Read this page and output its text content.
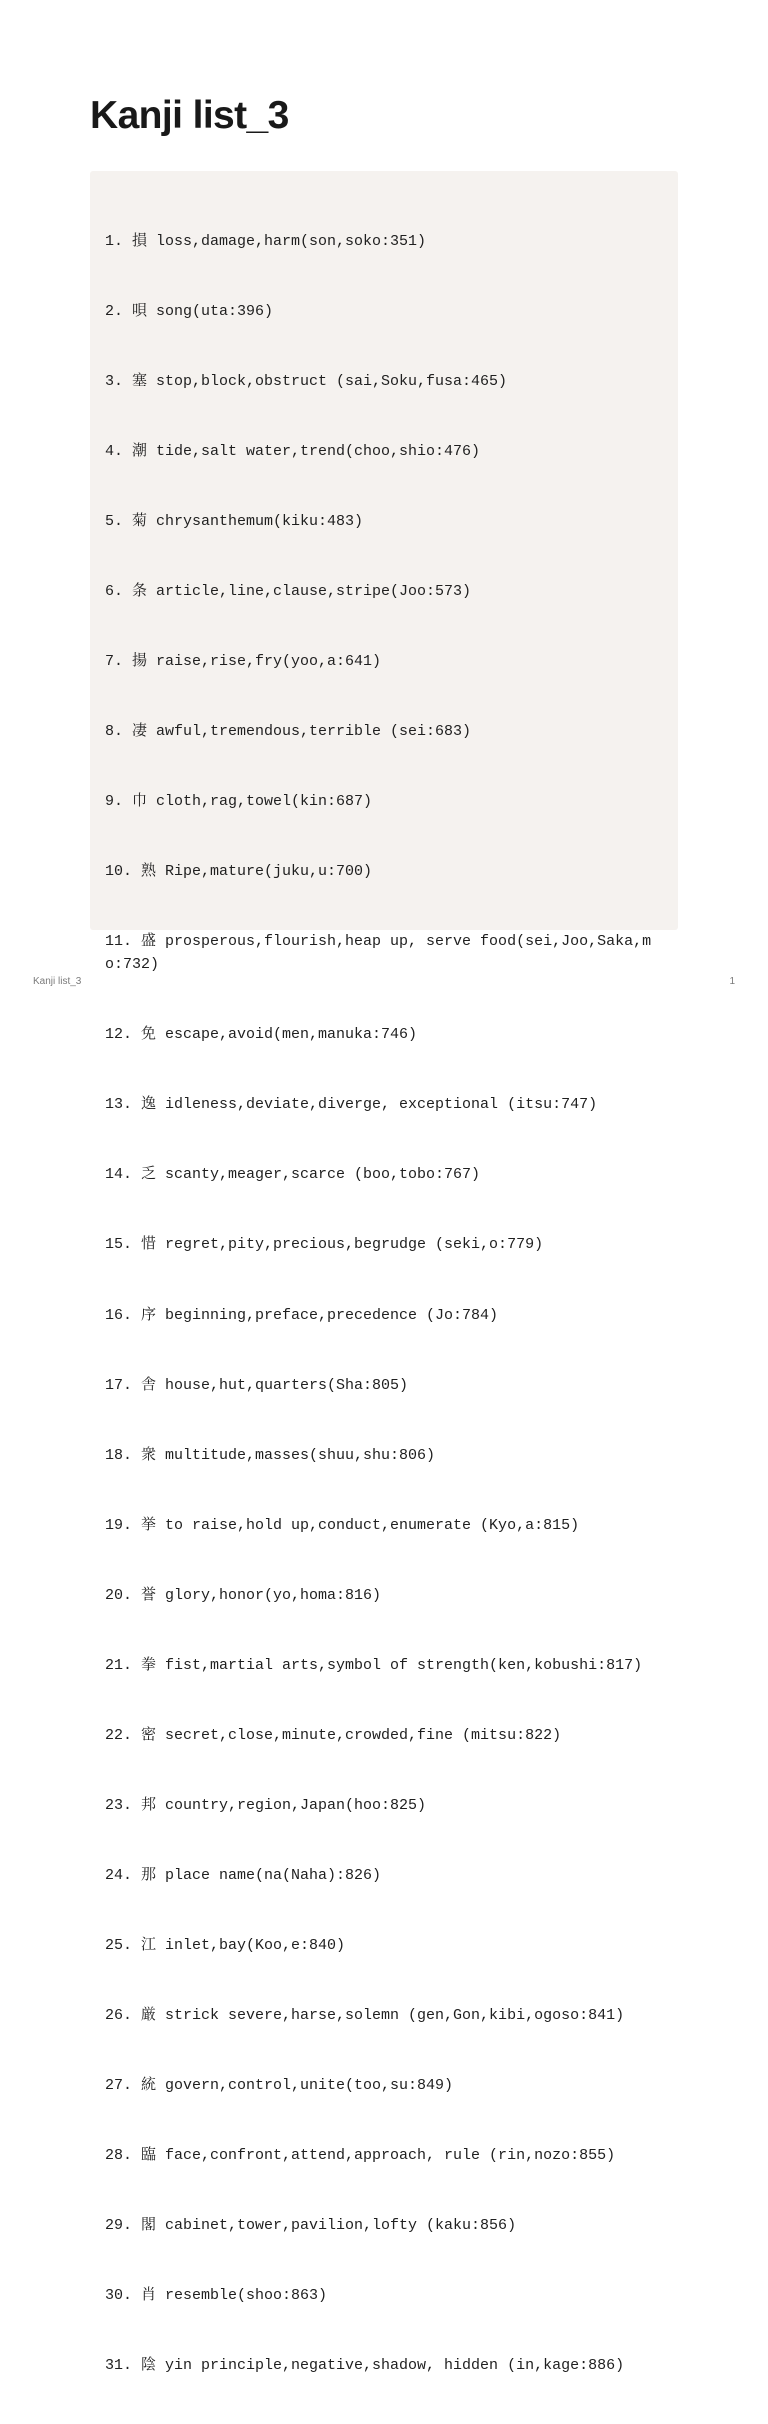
Kanji list_3

1. 損 loss,damage,harm(son,soko:351)

2. 唄 song(uta:396)

3. 塞 stop,block,obstruct (sai,Soku,fusa:465)

4. 潮 tide,salt water,trend(choo,shio:476)

5. 菊 chrysanthemum(kiku:483)

6. 条 article,line,clause,stripe(Joo:573)

7. 揚 raise,rise,fry(yoo,a:641)

8. 凄 awful,tremendous,terrible (sei:683)

9. 巾 cloth,rag,towel(kin:687)

10. 熟 Ripe,mature(juku,u:700)

11. 盛 prosperous,flourish,heap up, serve food(sei,Joo,Saka,mo:732)

12. 免 escape,avoid(men,manuka:746)

13. 逸 idleness,deviate,diverge, exceptional (itsu:747)

14. 乏 scanty,meager,scarce (boo,tobo:767)

15. 惜 regret,pity,precious,begrudge (seki,o:779)

16. 序 beginning,preface,precedence (Jo:784)

17. 舎 house,hut,quarters(Sha:805)

18. 衆 multitude,masses(shuu,shu:806)

19. 挙 to raise,hold up,conduct,enumerate (Kyo,a:815)

20. 誉 glory,honor(yo,homa:816)

21. 拳 fist,martial arts,symbol of strength(ken,kobushi:817)

22. 密 secret,close,minute,crowded,fine (mitsu:822)

23. 邦 country,region,Japan(hoo:825)

24. 那 place name(na(Naha):826)

25. 江 inlet,bay(Koo,e:840)

26. 厳 strick severe,harse,solemn (gen,Gon,kibi,ogoso:841)

27. 統 govern,control,unite(too,su:849)

28. 臨 face,confront,attend,approach, rule (rin,nozo:855)

29. 閣 cabinet,tower,pavilion,lofty (kaku:856)

30. 肖 resemble(shoo:863)

31. 陰 yin principle,negative,shadow, hidden (in,kage:886)

Kanji list_3	1
